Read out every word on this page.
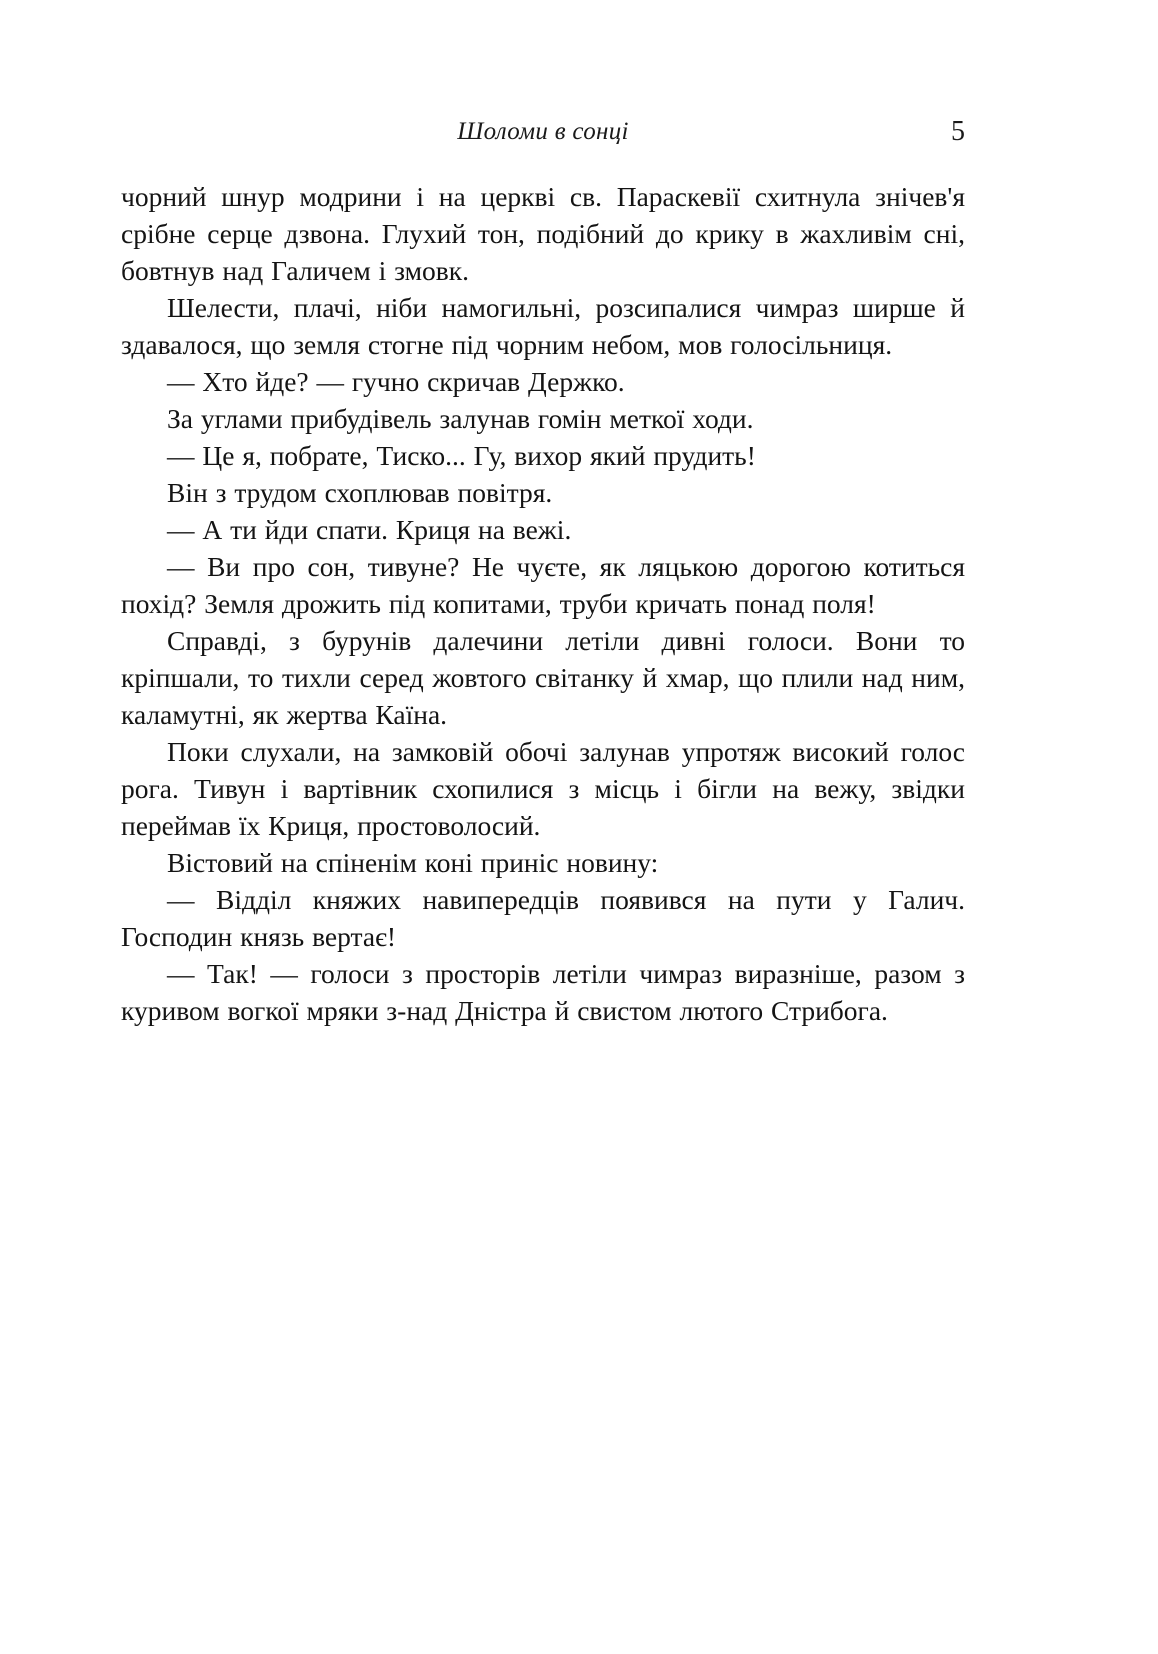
Шоломи в сонці	5

чорний шнур модрини і на церкві св. Параскевії схитнула знічев'я срібне серце дзвона. Глухий тон, подібний до крику в жахливім сні, бовтнув над Галичем і змовк.

Шелести, плачі, ніби намогильні, розсипалися чимраз ширше й здавалося, що земля стогне під чорним небом, мов голосільниця.

— Хто йде? — гучно скричав Держко.

За углами прибудівель залунав гомін меткої ходи.

— Це я, побрате, Тиско... Гу, вихор який прудить!

Він з трудом схоплював повітря.

— А ти йди спати. Криця на вежі.

— Ви про сон, тивуне? Не чуєте, як ляцькою дорогою котиться похід? Земля дрожить під копитами, труби кричать понад поля!

Справді, з бурунів далечини летіли дивні голоси. Вони то кріпшали, то тихли серед жовтого світанку й хмар, що плили над ним, каламутні, як жертва Каїна.

Поки слухали, на замковій обочі залунав упротяж високий голос рога. Тивун і вартівник схопилися з місць і бігли на вежу, звідки переймав їх Криця, простоволосий.

Вістовий на спіненім коні приніс новину:

— Відділ княжих навипередців появився на пути у Галич. Господин князь вертає!

— Так! — голоси з просторів летіли чимраз виразніше, разом з куривом вогкої мряки з-над Дністра й свистом лютого Стрибога.
